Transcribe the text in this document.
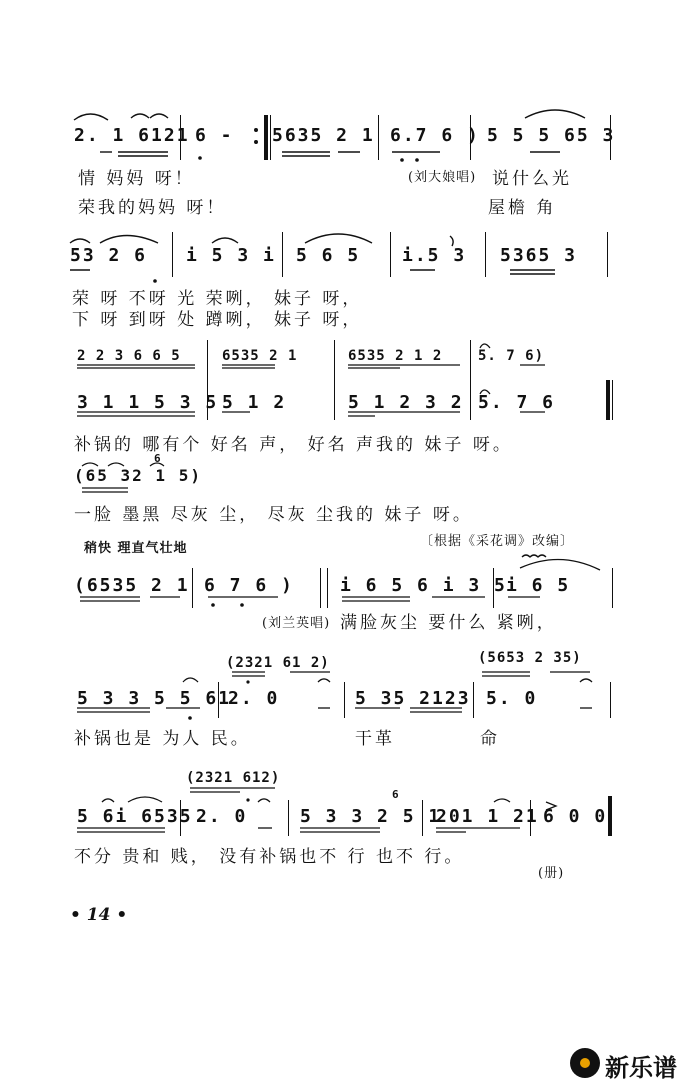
2. 1 6121 6 - 5635 2 1 6.7 6 ) 5 5 5 65 3
(刘大娘唱)
情 妈妈 呀！	说什么光
荣我的妈妈 呀！	屋檐 角
53 2 6 i 5 3 i 5 6 5 i.5 3 5365 3
荣 呀 不呀 光 荣咧， 妹子 呀，
下 呀 到呀 处 蹲咧， 妹子 呀，
2 2 3 6 6 5	6535 2 1	6535 2 1 2	5. 7 6)
3 1 1 5 3 5 5 1 2	5 1 2 3 2 5. 7 6
补锅的 哪有个 好名 声， 好名 声我的 妹子 呀。
6
(65 32 1 5)
一脸 墨黑 尽灰 尘， 尽灰 尘我的 妹子 呀。
稍快 理直气壮地	〔根据《采花调》改编〕
(6535 2 1 6 7 6 )	i 6 5 6 i 3 5 i 6 5
(刘兰英唱) 满脸灰尘 要什么 紧咧，
(2321 61 2)	(5653 2 35)
5 3 3 5 5 61
2. 0	5 35 2123 5. 0
补锅也是 为人 民。	干革	命
(2321 612)
6
5 6i 6535 2. 0	5 3 3 2 5 1
201 1 21 6 0 0
不分 贵和 贱， 没有补锅也不 行 也不 行。
(册)
• 14 •
新乐谱
